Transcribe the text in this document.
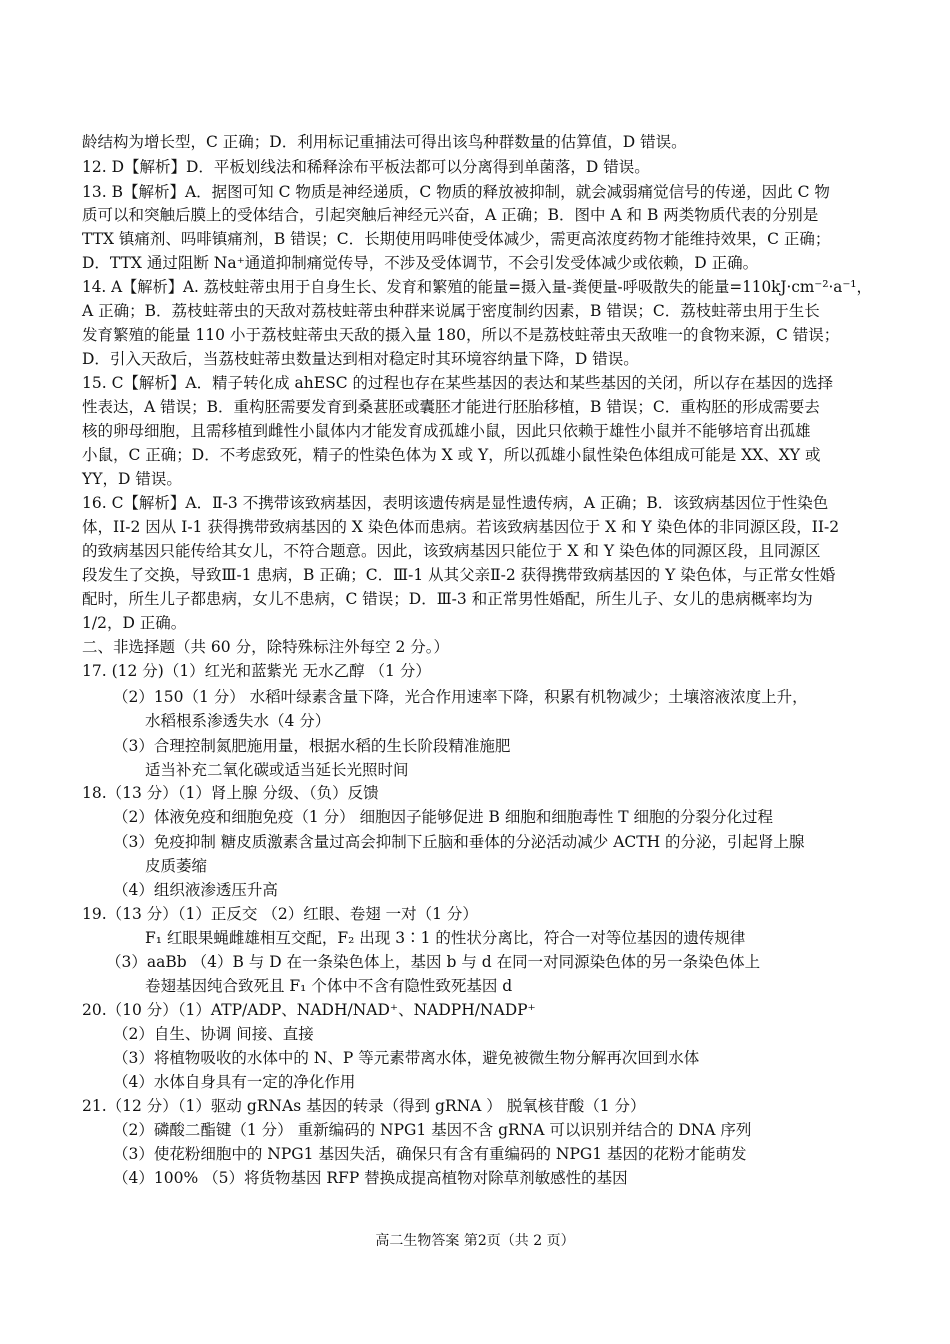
龄结构为增长型，C 正确；D．利用标记重捕法可得出该鸟种群数量的估算值，D 错误。
12. D【解析】D．平板划线法和稀释涂布平板法都可以分离得到单菌落，D 错误。
13. B【解析】A．据图可知 C 物质是神经递质，C 物质的释放被抑制，就会减弱痛觉信号的传递，因此 C 物
质可以和突触后膜上的受体结合，引起突触后神经元兴奋，A 正确；B．图中 A 和 B 两类物质代表的分别是
TTX 镇痛剂、吗啡镇痛剂，B 错误；C．长期使用吗啡使受体减少，需更高浓度药物才能维持效果，C 正确；
D．TTX 通过阻断 Na⁺通道抑制痛觉传导，不涉及受体调节，不会引发受体减少或依赖，D 正确。
14. A【解析】A. 荔枝蛀蒂虫用于自身生长、发育和繁殖的能量=摄入量-粪便量-呼吸散失的能量=110kJ·cm⁻²·a⁻¹，
A 正确；B．荔枝蛀蒂虫的天敌对荔枝蛀蒂虫种群来说属于密度制约因素，B 错误；C．荔枝蛀蒂虫用于生长
发育繁殖的能量 110 小于荔枝蛀蒂虫天敌的摄入量 180，所以不是荔枝蛀蒂虫天敌唯一的食物来源，C 错误；
D．引入天敌后，当荔枝蛀蒂虫数量达到相对稳定时其环境容纳量下降，D 错误。
15. C【解析】A．精子转化成 ahESC 的过程也存在某些基因的表达和某些基因的关闭，所以存在基因的选择
性表达，A 错误；B．重构胚需要发育到桑葚胚或囊胚才能进行胚胎移植，B 错误；C．重构胚的形成需要去
核的卵母细胞，且需移植到雌性小鼠体内才能发育成孤雄小鼠，因此只依赖于雄性小鼠并不能够培育出孤雄
小鼠，C 正确；D．不考虑致死，精子的性染色体为 X 或 Y，所以孤雄小鼠性染色体组成可能是 XX、XY 或
YY，D 错误。
16. C【解析】A．Ⅱ-3 不携带该致病基因，表明该遗传病是显性遗传病，A 正确；B．该致病基因位于性染色
体，II-2 因从 I-1 获得携带致病基因的 X 染色体而患病。若该致病基因位于 X 和 Y 染色体的非同源区段，II-2
的致病基因只能传给其女儿，不符合题意。因此，该致病基因只能位于 X 和 Y 染色体的同源区段，且同源区
段发生了交换，导致Ⅲ-1 患病，B 正确；C．Ⅲ-1 从其父亲Ⅱ-2 获得携带致病基因的 Y 染色体，与正常女性婚
配时，所生儿子都患病，女儿不患病，C 错误；D．Ⅲ-3 和正常男性婚配，所生儿子、女儿的患病概率均为
1/2，D 正确。
二、非选择题（共 60 分，除特殊标注外每空 2 分。）
17. (12 分)（1）红光和蓝紫光 无水乙醇 （1 分）
（2）150（1 分） 水稻叶绿素含量下降，光合作用速率下降，积累有机物减少；土壤溶液浓度上升，
水稻根系渗透失水（4 分）
（3）合理控制氮肥施用量，根据水稻的生长阶段精准施肥
适当补充二氧化碳或适当延长光照时间
18.（13 分）（1）肾上腺 分级、（负）反馈
（2）体液免疫和细胞免疫（1 分） 细胞因子能够促进 B 细胞和细胞毒性 T 细胞的分裂分化过程
（3）免疫抑制 糖皮质激素含量过高会抑制下丘脑和垂体的分泌活动减少 ACTH 的分泌，引起肾上腺
皮质萎缩
（4）组织液渗透压升高
19.（13 分）（1）正反交 （2）红眼、卷翅 一对（1 分）
F₁ 红眼果蝇雌雄相互交配，F₂ 出现 3∶1 的性状分离比，符合一对等位基因的遗传规律
（3）aaBb （4）B 与 D 在一条染色体上，基因 b 与 d 在同一对同源染色体的另一条染色体上
卷翅基因纯合致死且 F₁ 个体中不含有隐性致死基因 d
20.（10 分）（1）ATP/ADP、NADH/NAD⁺、NADPH/NADP⁺
（2）自生、协调 间接、直接
（3）将植物吸收的水体中的 N、P 等元素带离水体，避免被微生物分解再次回到水体
（4）水体自身具有一定的净化作用
21.（12 分）（1）驱动 gRNAs 基因的转录（得到 gRNA ） 脱氧核苷酸（1 分）
（2）磷酸二酯键（1 分） 重新编码的 NPG1 基因不含 gRNA 可以识别并结合的 DNA 序列
（3）使花粉细胞中的 NPG1 基因失活，确保只有含有重编码的 NPG1 基因的花粉才能萌发
（4）100% （5）将货物基因 RFP 替换成提高植物对除草剂敏感性的基因
高二生物答案 第2页（共 2 页）
